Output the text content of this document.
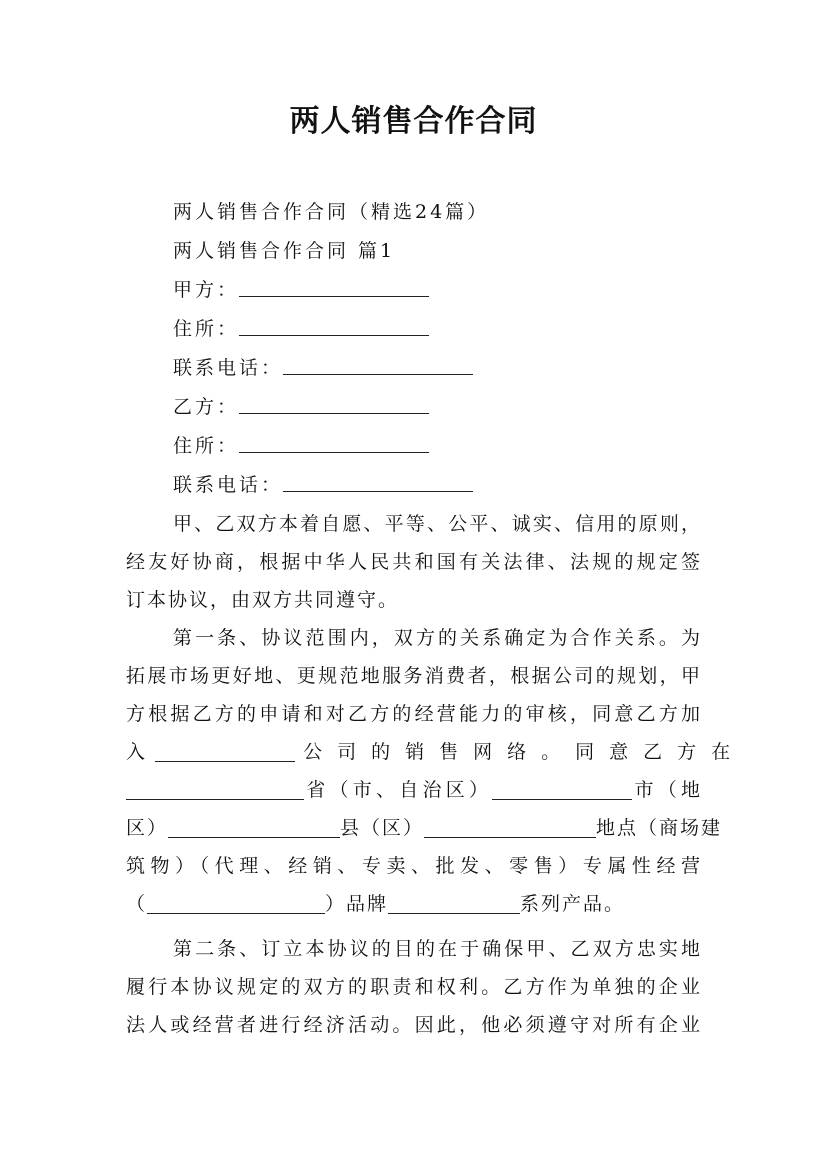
两人销售合作合同
两人销售合作合同（精选24篇）
两人销售合作合同 篇1
甲方：
住所：
联系电话：
乙方：
住所：
联系电话：
甲、乙双方本着自愿、平等、公平、诚实、信用的原则，
经友好协商，根据中华人民共和国有关法律、法规的规定签
订本协议，由双方共同遵守。
第一条、协议范围内，双方的关系确定为合作关系。为
拓展市场更好地、更规范地服务消费者，根据公司的规划，甲
方根据乙方的申请和对乙方的经营能力的审核，同意乙方加
入	公司的销售网络。同意乙方在
省（市、自治区）	市（地
区）	县（区）	地点（商场建
筑物）（代理、经销、专卖、批发、零售）专属性经营
（	）品牌	系列产品。
第二条、订立本协议的目的在于确保甲、乙双方忠实地
履行本协议规定的双方的职责和权利。乙方作为单独的企业
法人或经营者进行经济活动。因此，他必须遵守对所有企业
